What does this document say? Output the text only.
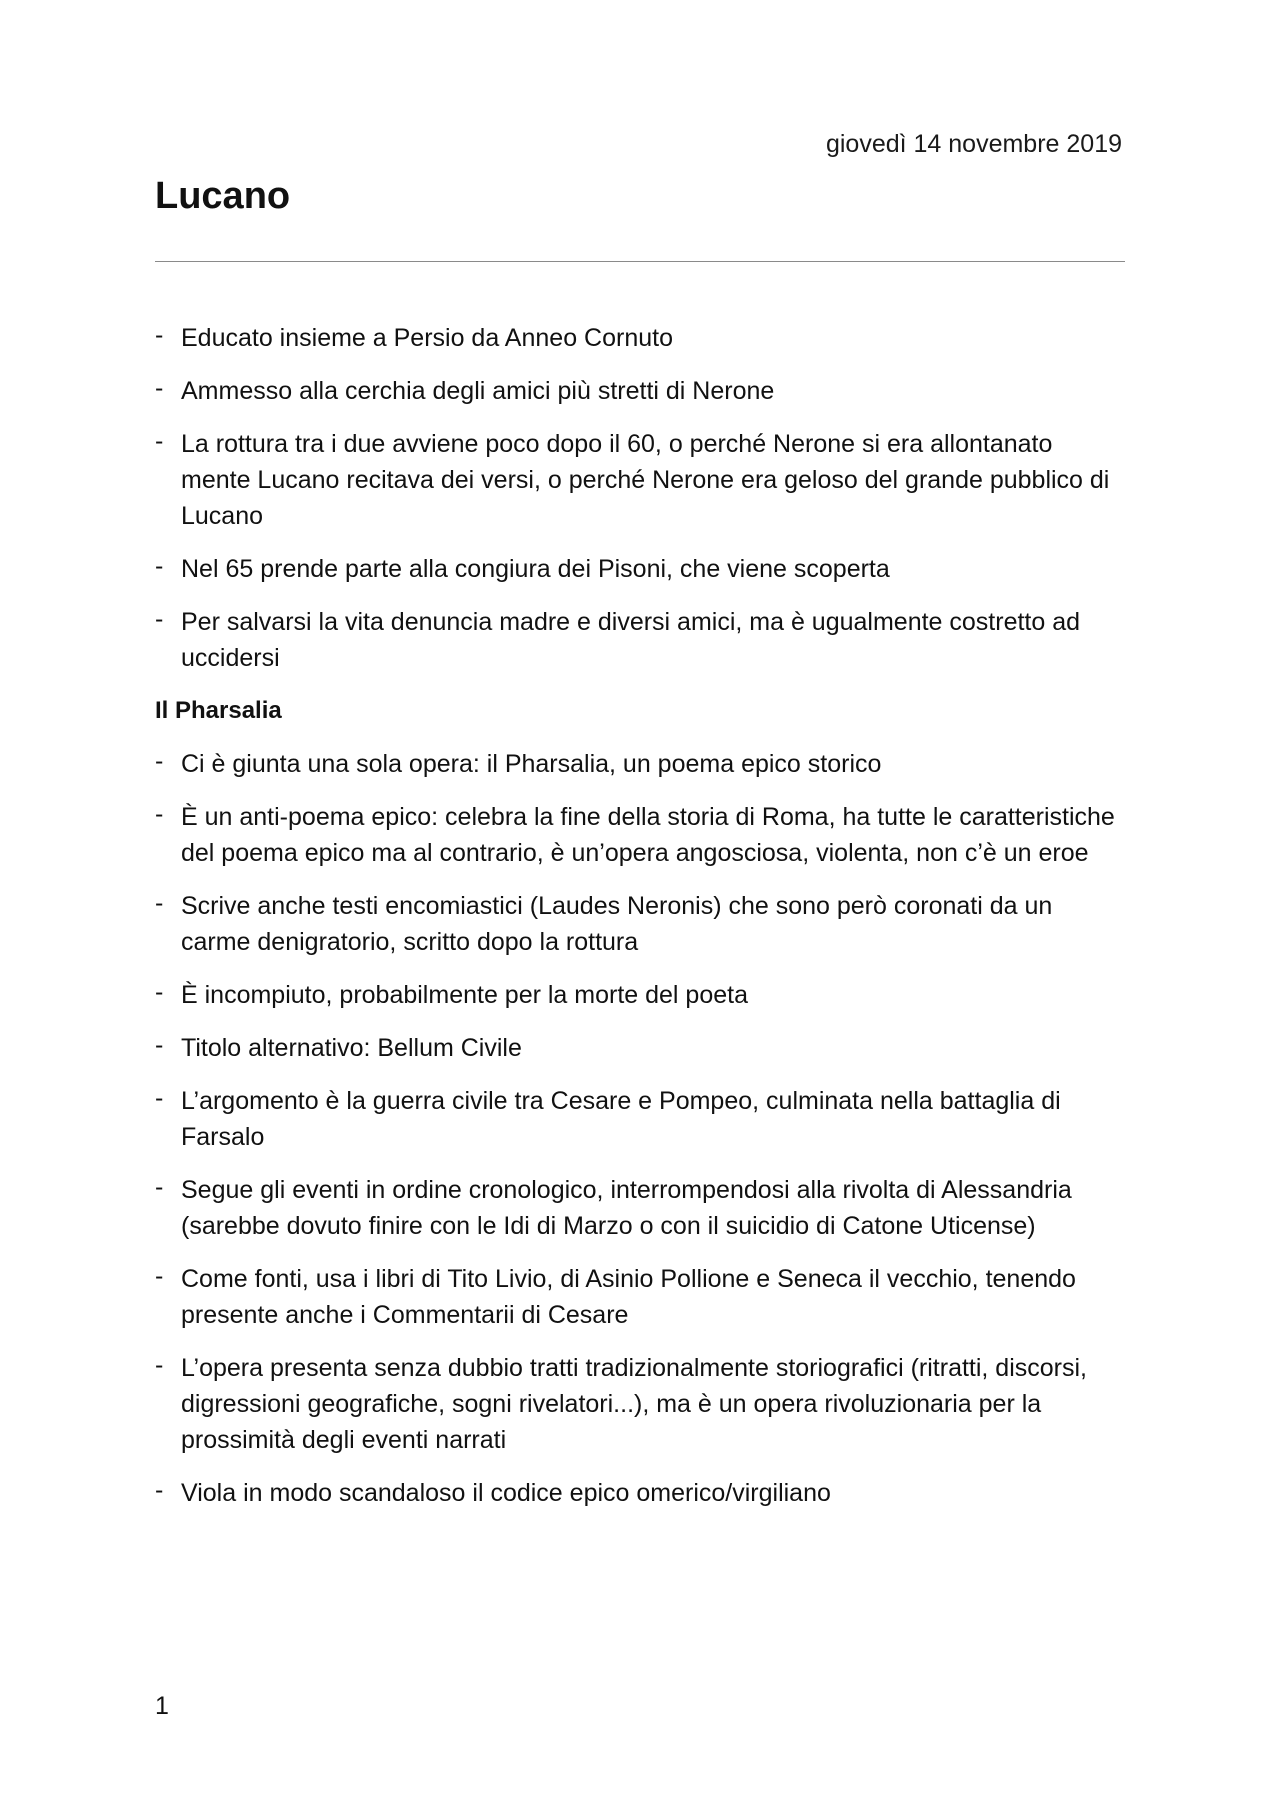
giovedì 14 novembre 2019
Lucano
- Educato insieme a Persio da Anneo Cornuto
- Ammesso alla cerchia degli amici più stretti di Nerone
- La rottura tra i due avviene poco dopo il 60, o perché Nerone si era allontanato mente Lucano recitava dei versi, o perché Nerone era geloso del grande pubblico di Lucano
- Nel 65 prende parte alla congiura dei Pisoni, che viene scoperta
- Per salvarsi la vita denuncia madre e diversi amici, ma è ugualmente costretto ad uccidersi
Il Pharsalia
- Ci è giunta una sola opera: il Pharsalia, un poema epico storico
- È un anti-poema epico: celebra la fine della storia di Roma, ha tutte le caratteristiche del poema epico ma al contrario, è un’opera angosciosa, violenta, non c’è un eroe
- Scrive anche testi encomiastici (Laudes Neronis) che sono però coronati da un carme denigratorio, scritto dopo la rottura
- È incompiuto, probabilmente per la morte del poeta
- Titolo alternativo: Bellum Civile
- L’argomento è la guerra civile tra Cesare e Pompeo, culminata nella battaglia di Farsalo
- Segue gli eventi in ordine cronologico, interrompendosi alla rivolta di Alessandria (sarebbe dovuto finire con le Idi di Marzo o con il suicidio di Catone Uticense)
- Come fonti, usa i libri di Tito Livio, di Asinio Pollione e Seneca il vecchio, tenendo presente anche i Commentarii di Cesare
- L’opera presenta senza dubbio tratti tradizionalmente storiografici (ritratti, discorsi, digressioni geografiche, sogni rivelatori...), ma è un opera rivoluzionaria per la prossimità degli eventi narrati
- Viola in modo scandaloso il codice epico omerico/virgiliano
1
